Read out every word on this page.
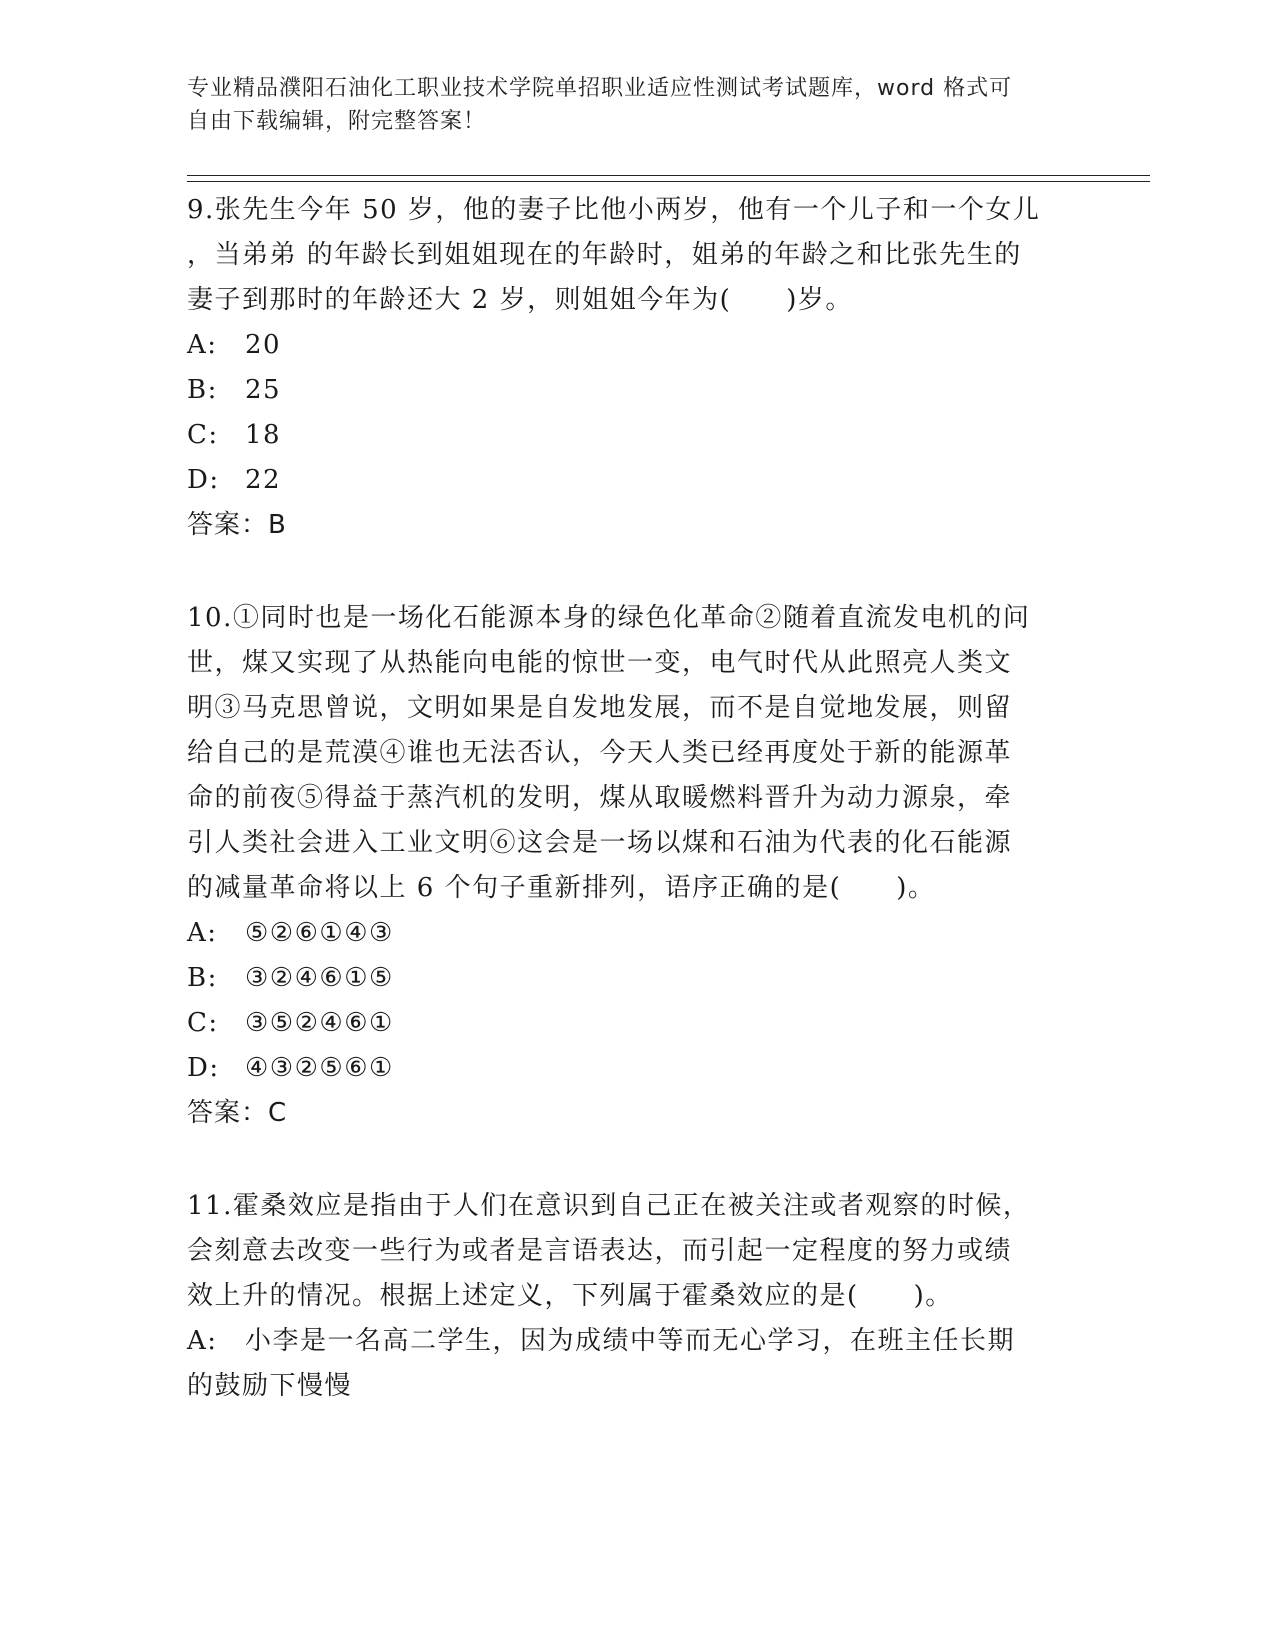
专业精品濮阳石油化工职业技术学院单招职业适应性测试考试题库，word 格式可
自由下载编辑，附完整答案！

9.张先生今年 50 岁，他的妻子比他小两岁，他有一个儿子和一个女儿

，当弟弟 的年龄长到姐姐现在的年龄时，姐弟的年龄之和比张先生的

妻子到那时的年龄还大 2 岁，则姐姐今年为(　　)岁。

A: 20

B: 25

C: 18

D: 22

答案：B

10.①同时也是一场化石能源本身的绿色化革命②随着直流发电机的问

世，煤又实现了从热能向电能的惊世一变，电气时代从此照亮人类文

明③马克思曾说，文明如果是自发地发展，而不是自觉地发展，则留

给自己的是荒漠④谁也无法否认，今天人类已经再度处于新的能源革

命的前夜⑤得益于蒸汽机的发明，煤从取暖燃料晋升为动力源泉，牵

引人类社会进入工业文明⑥这会是一场以煤和石油为代表的化石能源

的减量革命将以上 6 个句子重新排列，语序正确的是(　　)。

A: ⑤②⑥①④③

B: ③②④⑥①⑤

C: ③⑤②④⑥①

D: ④③②⑤⑥①

答案：C

11.霍桑效应是指由于人们在意识到自己正在被关注或者观察的时候，

会刻意去改变一些行为或者是言语表达，而引起一定程度的努力或绩

效上升的情况。根据上述定义，下列属于霍桑效应的是(　　)。

A: 小李是一名高二学生，因为成绩中等而无心学习，在班主任长期

的鼓励下慢慢
